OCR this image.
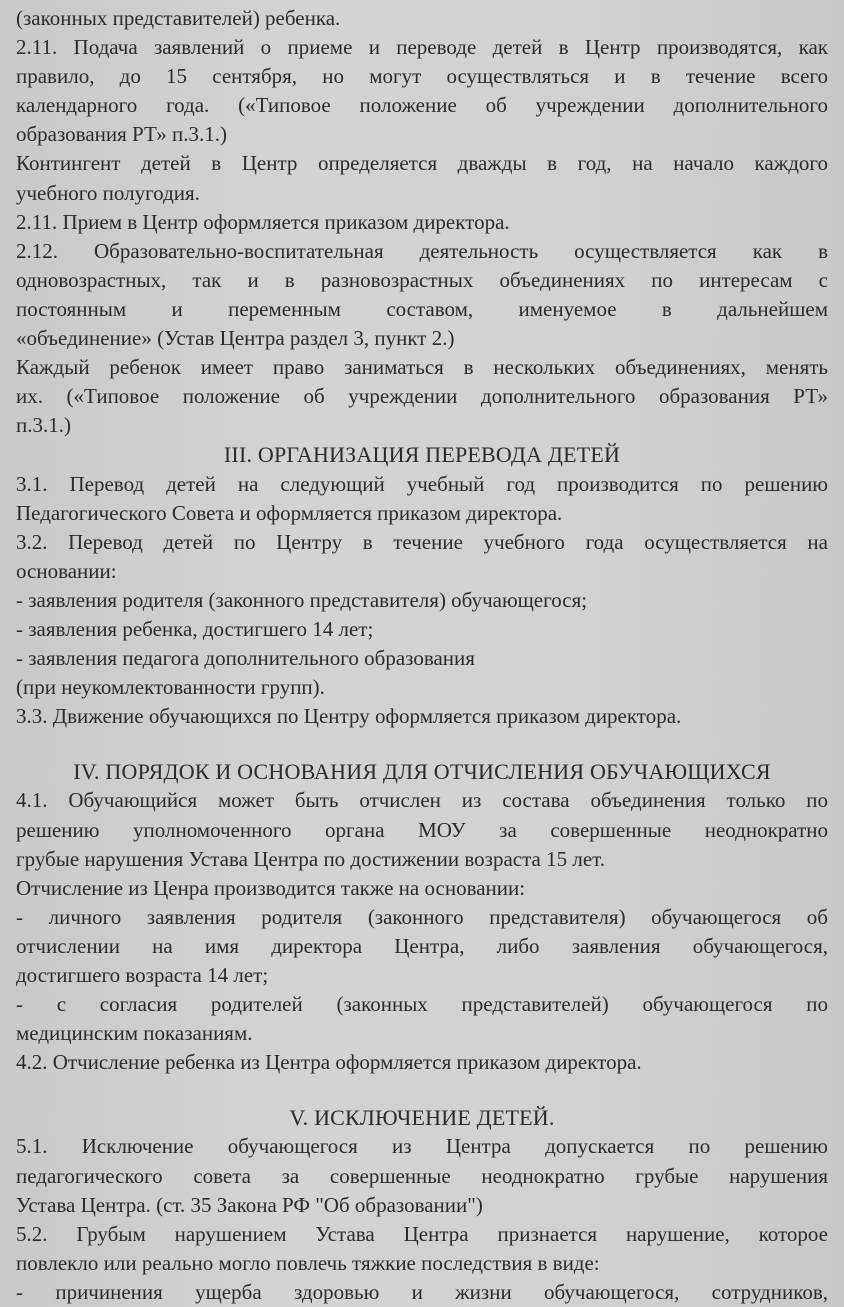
(законных представителей) ребенка.
2.11. Подача заявлений о приеме и переводе детей в Центр производятся, как
правило, до 15 сентября, но могут осуществляться и в течение всего
календарного года. («Типовое положение об учреждении дополнительного
образования РТ» п.3.1.)
Контингент детей в Центр определяется дважды в год, на начало каждого
учебного полугодия.
2.11. Прием в Центр оформляется приказом директора.
2.12. Образовательно-воспитательная деятельность осуществляется как в
одновозрастных, так и в разновозрастных объединениях по интересам с
постоянным и переменным составом, именуемое в дальнейшем
«объединение» (Устав Центра раздел 3, пункт 2.)
Каждый ребенок имеет право заниматься в нескольких объединениях, менять
их. («Типовое положение об учреждении дополнительного образования РТ»
п.3.1.)
III. ОРГАНИЗАЦИЯ ПЕРЕВОДА ДЕТЕЙ
3.1. Перевод детей на следующий учебный год производится по решению
Педагогического Совета и оформляется приказом директора.
3.2. Перевод детей по Центру в течение учебного года осуществляется на
основании:
- заявления родителя (законного представителя) обучающегося;
- заявления ребенка, достигшего 14 лет;
- заявления педагога дополнительного образования
(при неукомлектованности групп).
3.3. Движение обучающихся по Центру оформляется приказом директора.
IV. ПОРЯДОК И ОСНОВАНИЯ ДЛЯ ОТЧИСЛЕНИЯ ОБУЧАЮЩИХСЯ
4.1. Обучающийся может быть отчислен из состава объединения только по
решению уполномоченного органа МОУ за совершенные неоднократно
грубые нарушения Устава Центра по достижении возраста 15 лет.
Отчисление из Ценра производится также на основании:
- личного заявления родителя (законного представителя) обучающегося об
отчислении на имя директора Центра, либо заявления обучающегося,
достигшего возраста 14 лет;
- с согласия родителей (законных представителей) обучающегося по
медицинским показаниям.
4.2. Отчисление ребенка из Центра оформляется приказом директора.
V. ИСКЛЮЧЕНИЕ ДЕТЕЙ.
5.1. Исключение обучающегося из Центра допускается по решению
педагогического совета за совершенные неоднократно грубые нарушения
Устава Центра. (ст. 35 Закона РФ "Об образовании")
5.2. Грубым нарушением Устава Центра признается нарушение, которое
повлекло или реально могло повлечь тяжкие последствия в виде:
- причинения ущерба здоровью и жизни обучающегося, сотрудников,
